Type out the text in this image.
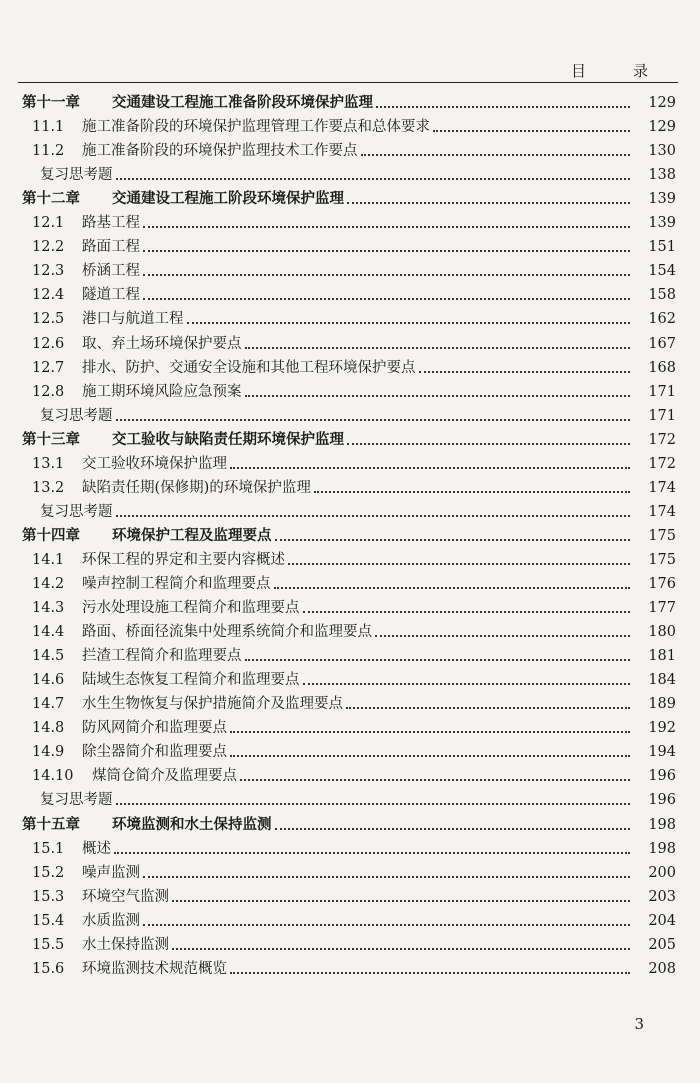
目　录
第十一章	交通建设工程施工准备阶段环境保护监理	129
11.1	施工准备阶段的环境保护监理管理工作要点和总体要求	129
11.2	施工准备阶段的环境保护监理技术工作要点	130
复习思考题	138
第十二章	交通建设工程施工阶段环境保护监理	139
12.1	路基工程	139
12.2	路面工程	151
12.3	桥涵工程	154
12.4	隧道工程	158
12.5	港口与航道工程	162
12.6	取、弃土场环境保护要点	167
12.7	排水、防护、交通安全设施和其他工程环境保护要点	168
12.8	施工期环境风险应急预案	171
复习思考题	171
第十三章	交工验收与缺陷责任期环境保护监理	172
13.1	交工验收环境保护监理	172
13.2	缺陷责任期(保修期)的环境保护监理	174
复习思考题	174
第十四章	环境保护工程及监理要点	175
14.1	环保工程的界定和主要内容概述	175
14.2	噪声控制工程简介和监理要点	176
14.3	污水处理设施工程简介和监理要点	177
14.4	路面、桥面径流集中处理系统简介和监理要点	180
14.5	拦渣工程简介和监理要点	181
14.6	陆域生态恢复工程简介和监理要点	184
14.7	水生生物恢复与保护措施简介及监理要点	189
14.8	防风网简介和监理要点	192
14.9	除尘器简介和监理要点	194
14.10	煤筒仓简介及监理要点	196
复习思考题	196
第十五章	环境监测和水土保持监测	198
15.1	概述	198
15.2	噪声监测	200
15.3	环境空气监测	203
15.4	水质监测	204
15.5	水土保持监测	205
15.6	环境监测技术规范概览	208
3
